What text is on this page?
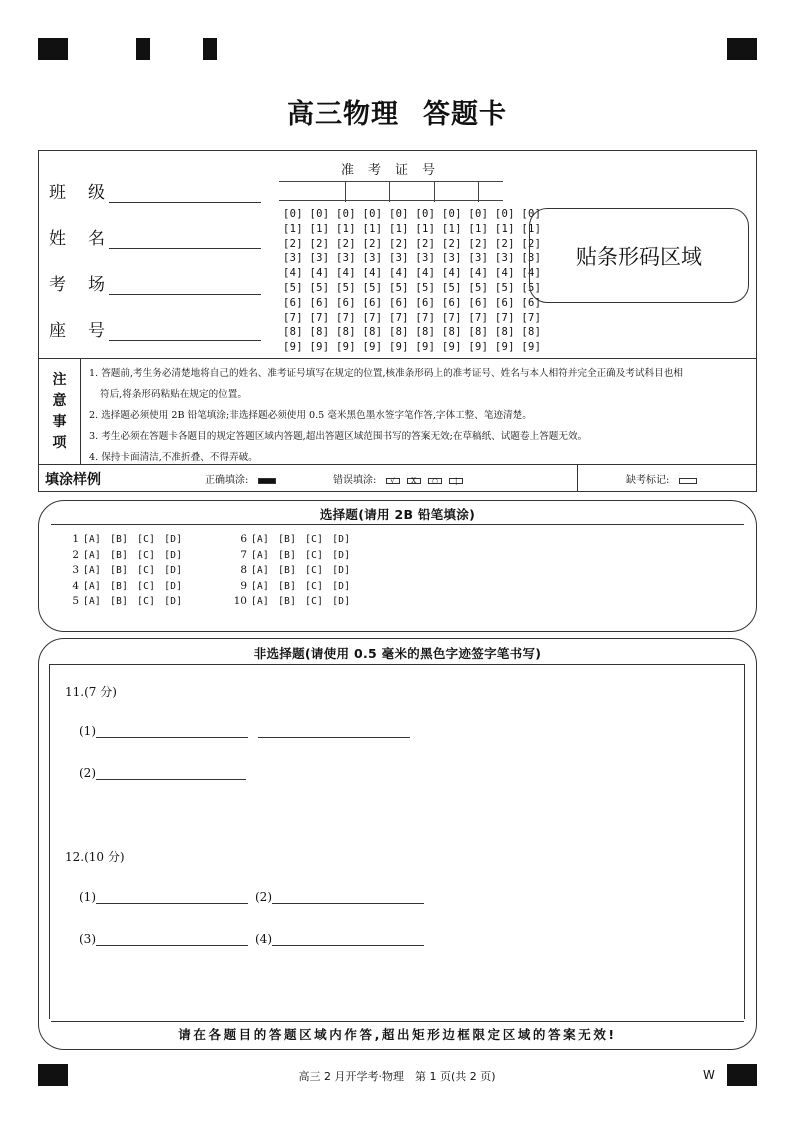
高三物理 答题卡
班级
姓名
考场
座号
准考证号
[0] [0] [0] [0] [0] [0] [0] [0] [0] [0]
[1] [1] [1] [1] [1] [1] [1] [1] [1] [1]
[2] [2] [2] [2] [2] [2] [2] [2] [2] [2]
[3] [3] [3] [3] [3] [3] [3] [3] [3] [3]
[4] [4] [4] [4] [4] [4] [4] [4] [4] [4]
[5] [5] [5] [5] [5] [5] [5] [5] [5] [5]
[6] [6] [6] [6] [6] [6] [6] [6] [6] [6]
[7] [7] [7] [7] [7] [7] [7] [7] [7] [7]
[8] [8] [8] [8] [8] [8] [8] [8] [8] [8]
[9] [9] [9] [9] [9] [9] [9] [9] [9] [9]
贴条形码区域
注
意
事
项
1. 答题前,考生务必清楚地将自己的姓名、准考证号填写在规定的位置,核准条形码上的准考证号、姓名与本人相符并完全正确及考试科目也相
符后,将条形码粘贴在规定的位置。
2. 选择题必须使用 2B 铅笔填涂;非选择题必须使用 0.5 毫米黑色墨水签字笔作答,字体工整、笔迹清楚。
3. 考生必须在答题卡各题目的规定答题区域内答题,超出答题区域范围书写的答案无效;在草稿纸、试题卷上答题无效。
4. 保持卡面清洁,不准折叠、不得弄破。
填涂样例	正确填涂:	错误填涂: √ X ○ |	缺考标记:
选择题(请用 2B 铅笔填涂)
1 [A] [B] [C] [D]
2 [A] [B] [C] [D]
3 [A] [B] [C] [D]
4 [A] [B] [C] [D]
5 [A] [B] [C] [D]
6 [A] [B] [C] [D]
7 [A] [B] [C] [D]
8 [A] [B] [C] [D]
9 [A] [B] [C] [D]
10 [A] [B] [C] [D]
非选择题(请使用 0.5 毫米的黑色字迹签字笔书写)
11.(7 分)
(1)
(2)
12.(10 分)
(1)	(2)
(3)	(4)
请在各题目的答题区域内作答,超出矩形边框限定区域的答案无效!
高三 2 月开学考·物理　第 1 页(共 2 页)	W
